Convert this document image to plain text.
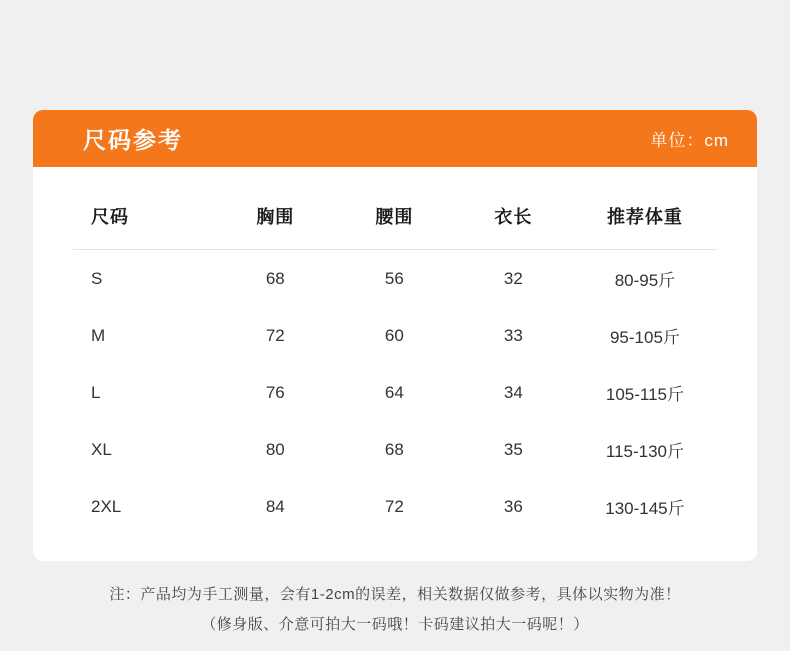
尺码参考	单位：cm
尺码	胸围	腰围	衣长	推荐体重
S	68	56	32	80-95斤
M	72	60	33	95-105斤
L	76	64	34	105-115斤
XL	80	68	35	115-130斤
2XL	84	72	36	130-145斤
注：产品均为手工测量，会有1-2cm的误差，相关数据仅做参考，具体以实物为准！
（修身版、介意可拍大一码哦！卡码建议拍大一码呢！）
